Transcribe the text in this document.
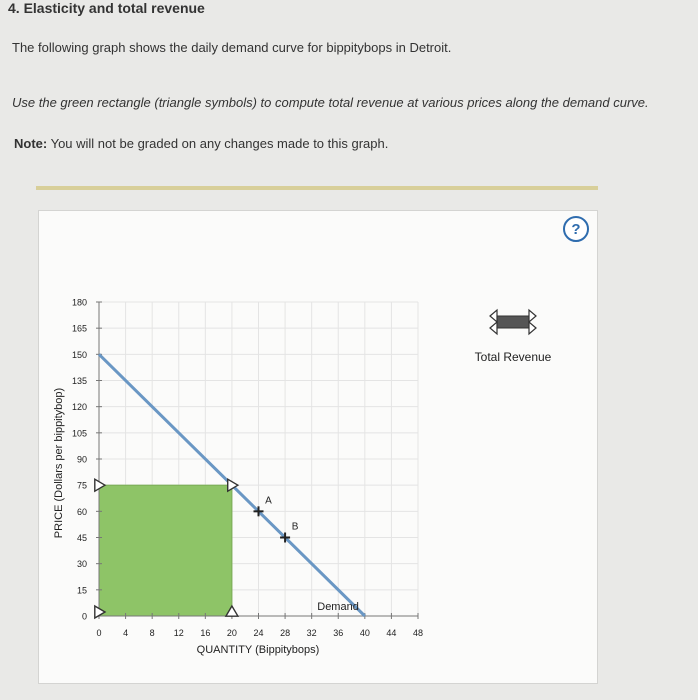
4. Elasticity and total revenue
The following graph shows the daily demand curve for bippitybops in Detroit.
Use the green rectangle (triangle symbols) to compute total revenue at various prices along the demand curve.
Note: You will not be graded on any changes made to this graph.
?
Demand
A
B
0
15
30
45
60
75
90
105
120
135
150
165
180
0 4 8 12 16 20 24 28 32 36 40 44 48
QUANTITY (Bippitybops)
PRICE (Dollars per bippitybop)
Total Revenue
